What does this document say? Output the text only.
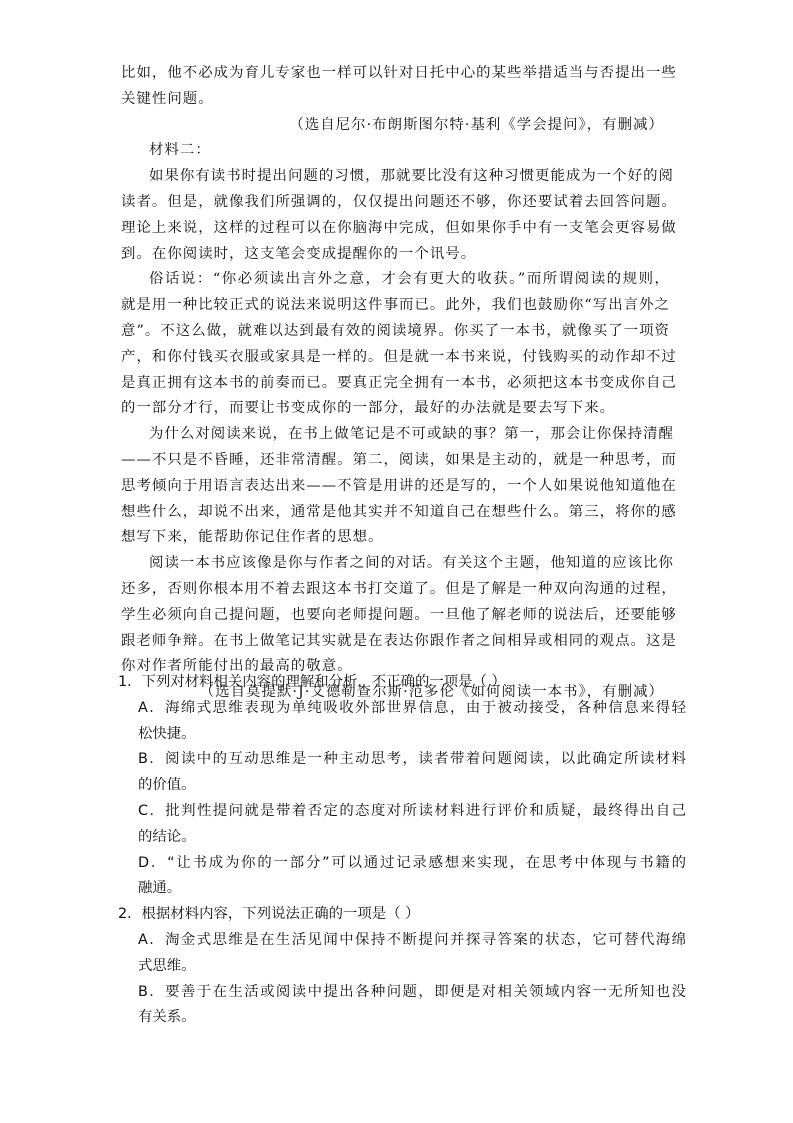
比如，他不必成为育儿专家也一样可以针对日托中心的某些举措适当与否提出一些
关键性问题。
（选自尼尔·布朗斯图尔特·基利《学会提问》，有删减）
材料二：
如果你有读书时提出问题的习惯，那就要比没有这种习惯更能成为一个好的阅
读者。但是，就像我们所强调的，仅仅提出问题还不够，你还要试着去回答问题。
理论上来说，这样的过程可以在你脑海中完成，但如果你手中有一支笔会更容易做
到。在你阅读时，这支笔会变成提醒你的一个讯号。
俗话说：“你必须读出言外之意，才会有更大的收获。”而所谓阅读的规则，
就是用一种比较正式的说法来说明这件事而已。此外，我们也鼓励你“写出言外之
意”。不这么做，就难以达到最有效的阅读境界。你买了一本书，就像买了一项资
产，和你付钱买衣服或家具是一样的。但是就一本书来说，付钱购买的动作却不过
是真正拥有这本书的前奏而已。要真正完全拥有一本书，必须把这本书变成你自己
的一部分才行，而要让书变成你的一部分，最好的办法就是要去写下来。
为什么对阅读来说，在书上做笔记是不可或缺的事？第一，那会让你保持清醒
——不只是不昏睡，还非常清醒。第二，阅读，如果是主动的，就是一种思考，而
思考倾向于用语言表达出来——不管是用讲的还是写的，一个人如果说他知道他在
想些什么，却说不出来，通常是他其实并不知道自己在想些什么。第三，将你的感
想写下来，能帮助你记住作者的思想。
阅读一本书应该像是你与作者之间的对话。有关这个主题，他知道的应该比你
还多，否则你根本用不着去跟这本书打交道了。但是了解是一种双向沟通的过程，
学生必须向自己提问题，也要向老师提问题。一旦他了解老师的说法后，还要能够
跟老师争辩。在书上做笔记其实就是在表达你跟作者之间相异或相同的观点。这是
你对作者所能付出的最高的敬意。
（选自莫提默·J·艾德勒查尔斯·范多伦《如何阅读一本书》，有删减）
1．下列对材料相关内容的理解和分析，不正确的一项是（ ）
A．海绵式思维表现为单纯吸收外部世界信息，由于被动接受，各种信息来得轻
松快捷。
B．阅读中的互动思维是一种主动思考，读者带着问题阅读，以此确定所读材料
的价值。
C．批判性提问就是带着否定的态度对所读材料进行评价和质疑，最终得出自己
的结论。
D．“让书成为你的一部分”可以通过记录感想来实现，在思考中体现与书籍的
融通。
2．根据材料内容，下列说法正确的一项是（ ）
A．淘金式思维是在生活见闻中保持不断提问并探寻答案的状态，它可替代海绵
式思维。
B．要善于在生活或阅读中提出各种问题，即便是对相关领域内容一无所知也没
有关系。
